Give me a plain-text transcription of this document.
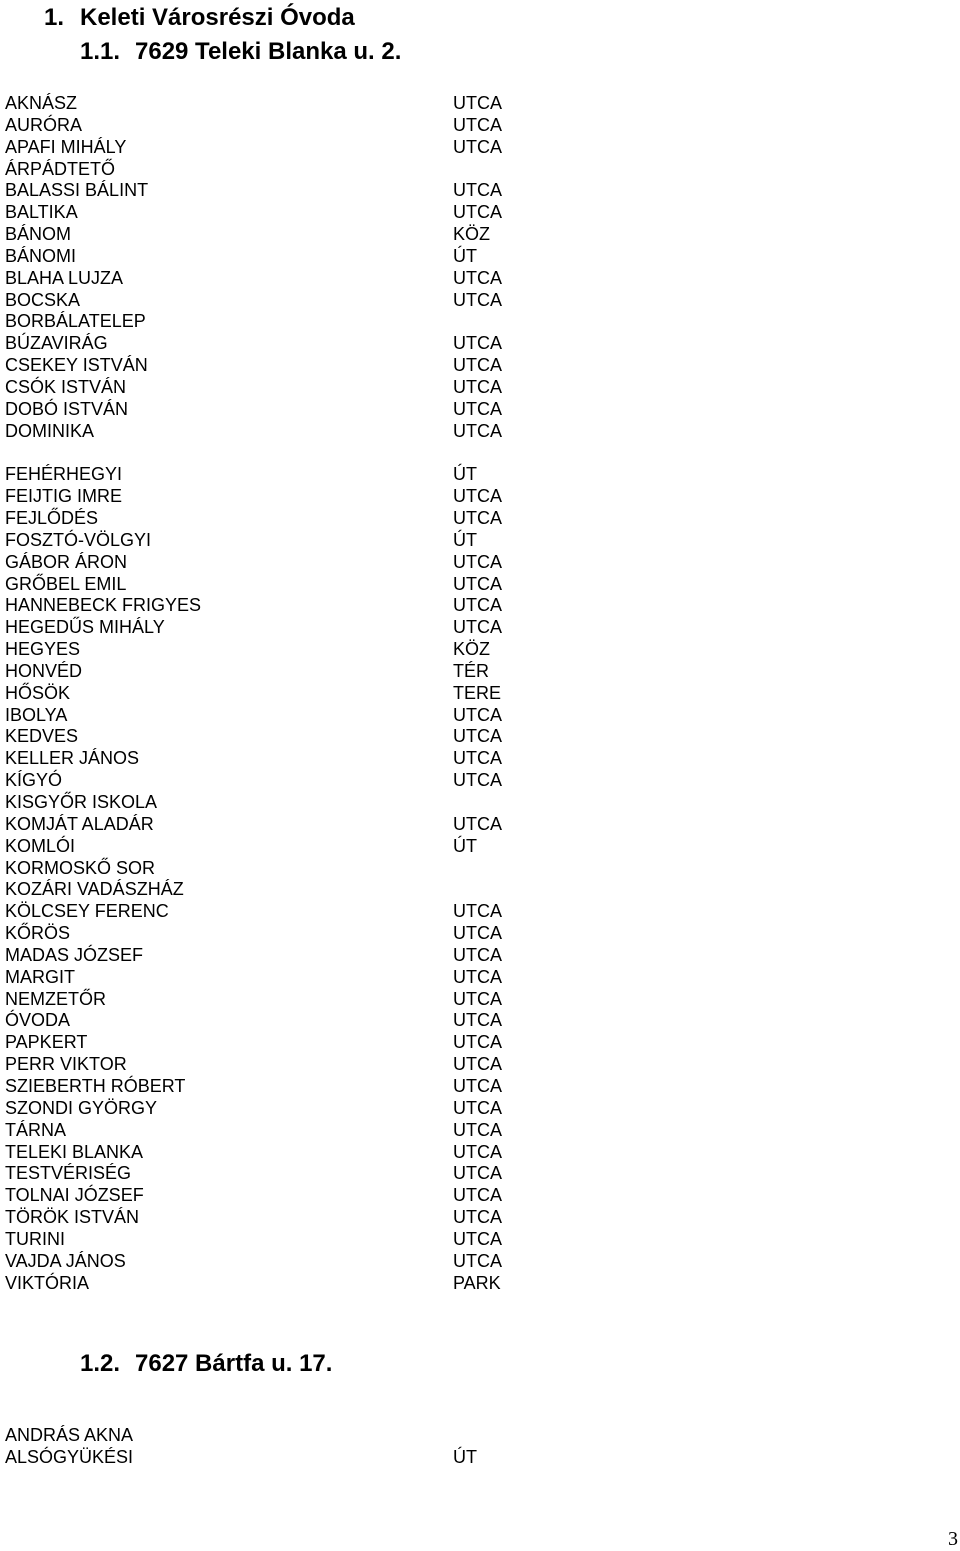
1. Keleti Városrészi Óvoda
1.1. 7629 Teleki Blanka u. 2.
AKNÁSZ	UTCA
AURÓRA	UTCA
APAFI MIHÁLY	UTCA
ÁRPÁDTETŐ
BALASSI BÁLINT	UTCA
BALTIKA	UTCA
BÁNOM	KÖZ
BÁNOMI	ÚT
BLAHA LUJZA	UTCA
BOCSKA	UTCA
BORBÁLATELEP
BÚZAVIRÁG	UTCA
CSEKEY ISTVÁN	UTCA
CSÓK ISTVÁN	UTCA
DOBÓ ISTVÁN	UTCA
DOMINIKA	UTCA
FEHÉRHEGYI	ÚT
FEIJTIG IMRE	UTCA
FEJLŐDÉS	UTCA
FOSZTÓ-VÖLGYI	ÚT
GÁBOR ÁRON	UTCA
GRŐBEL EMIL	UTCA
HANNEBECK FRIGYES	UTCA
HEGEDŰS MIHÁLY	UTCA
HEGYES	KÖZ
HONVÉD	TÉR
HŐSÖK	TERE
IBOLYA	UTCA
KEDVES	UTCA
KELLER JÁNOS	UTCA
KÍGYÓ	UTCA
KISGYŐR ISKOLA
KOMJÁT ALADÁR	UTCA
KOMLÓI	ÚT
KORMOSKŐ SOR
KOZÁRI VADÁSZHÁZ
KÖLCSEY FERENC	UTCA
KŐRÖS	UTCA
MADAS JÓZSEF	UTCA
MARGIT	UTCA
NEMZETŐR	UTCA
ÓVODA	UTCA
PAPKERT	UTCA
PERR VIKTOR	UTCA
SZIEBERTH RÓBERT	UTCA
SZONDI GYÖRGY	UTCA
TÁRNA	UTCA
TELEKI BLANKA	UTCA
TESTVÉRISÉG	UTCA
TOLNAI JÓZSEF	UTCA
TÖRÖK ISTVÁN	UTCA
TURINI	UTCA
VAJDA JÁNOS	UTCA
VIKTÓRIA	PARK
1.2. 7627 Bártfa u. 17.
ANDRÁS AKNA
ALSÓGYÜKÉSI	ÚT
3
